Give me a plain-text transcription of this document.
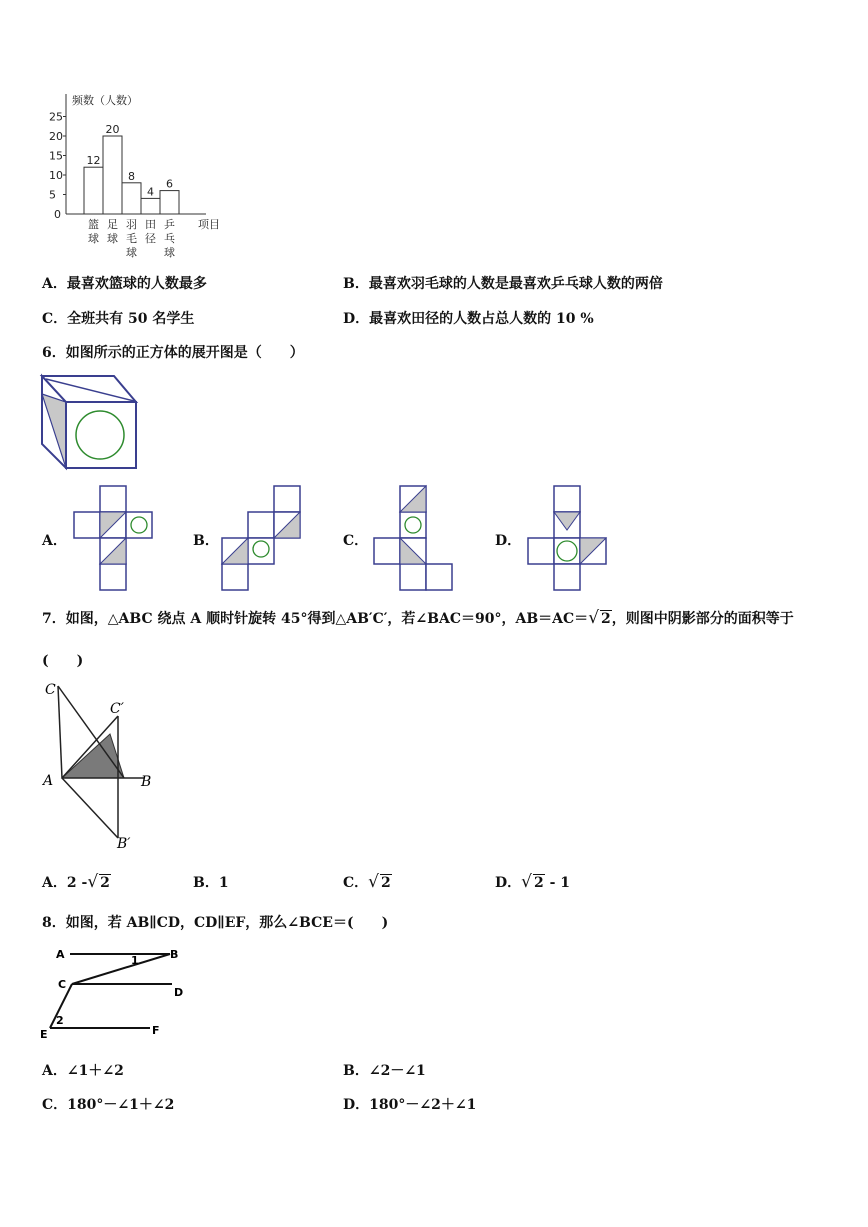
频数（人数）
项目
0
5
10
15
20
25
12
篮
球
20
足
球
8
羽
毛
球
4
田
径
6
乒
乓
球
A．最喜欢篮球的人数最多	B．最喜欢羽毛球的人数是最喜欢乒乓球人数的两倍
C．全班共有 50 名学生	D．最喜欢田径的人数占总人数的 10 %
6．如图所示的正方体的展开图是（　　）
A．	B．	C．	D．
7．如图，△ABC 绕点 A 顺时针旋转 45°得到△AB′C′，若∠BAC＝90°，AB＝AC＝√ 2，则图中阴影部分的面积等于
(　　)
C
C′
A	B
B′
A．2 -√ 2	B．1	C．√ 2	D．√ 2 - 1
8．如图，若 AB∥CD，CD∥EF，那么∠BCE＝(　　)
A	B
C
D
E	F
1
2
A．∠1＋∠2	B．∠2－∠1
C．180°－∠1＋∠2	D．180°－∠2＋∠1
